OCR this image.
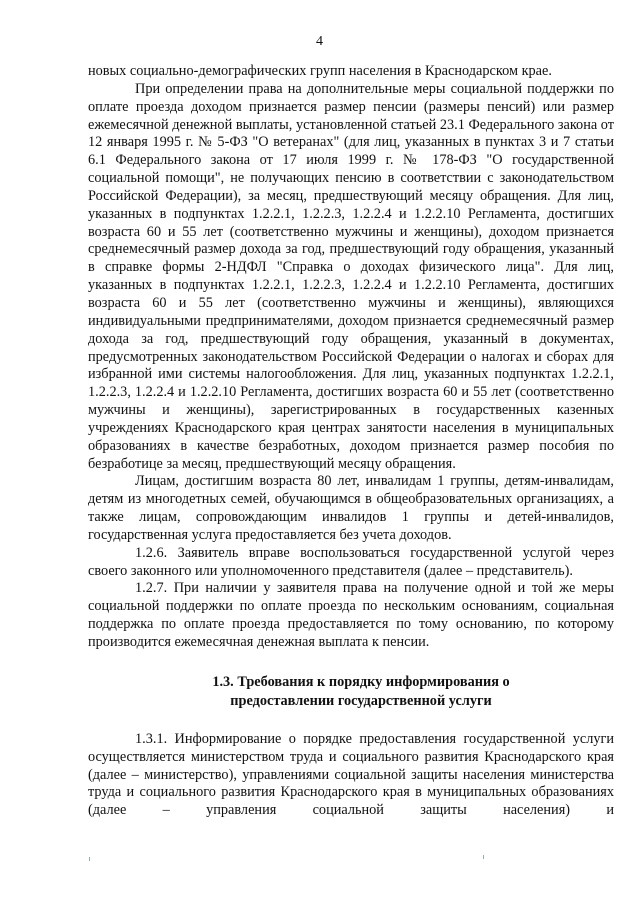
4

новых социально-демографических групп населения в Краснодарском крае.

При определении права на дополнительные меры социальной поддержки по оплате проезда доходом признается размер пенсии (размеры пенсий) или размер ежемесячной денежной выплаты, установленной статьей 23.1 Федерального закона от 12 января 1995 г. № 5-ФЗ "О ветеранах" (для лиц, указанных в пунктах 3 и 7 статьи 6.1 Федерального закона от 17 июля 1999 г. № 178-ФЗ "О государственной социальной помощи", не получающих пенсию в соответствии с законодательством Российской Федерации), за месяц, предшествующий месяцу обращения. Для лиц, указанных в подпунктах 1.2.2.1, 1.2.2.3, 1.2.2.4 и 1.2.2.10 Регламента, достигших возраста 60 и 55 лет (соответственно мужчины и женщины), доходом признается среднемесячный размер дохода за год, предшествующий году обращения, указанный в справке формы 2-НДФЛ "Справка о доходах физического лица". Для лиц, указанных в подпунктах 1.2.2.1, 1.2.2.3, 1.2.2.4 и 1.2.2.10 Регламента, достигших возраста 60 и 55 лет (соответственно мужчины и женщины), являющихся индивидуальными предпринимателями, доходом признается среднемесячный размер дохода за год, предшествующий году обращения, указанный в документах, предусмотренных законодательством Российской Федерации о налогах и сборах для избранной ими системы налогообложения. Для лиц, указанных подпунктах 1.2.2.1, 1.2.2.3, 1.2.2.4 и 1.2.2.10 Регламента, достигших возраста 60 и 55 лет (соответственно мужчины и женщины), зарегистрированных в государственных казенных учреждениях Краснодарского края центрах занятости населения в муниципальных образованиях в качестве безработных, доходом признается размер пособия по безработице за месяц, предшествующий месяцу обращения.

Лицам, достигшим возраста 80 лет, инвалидам 1 группы, детям-инвалидам, детям из многодетных семей, обучающимся в общеобразовательных организациях, а также лицам, сопровождающим инвалидов 1 группы и детей-инвалидов, государственная услуга предоставляется без учета доходов.

1.2.6. Заявитель вправе воспользоваться государственной услугой через своего законного или уполномоченного представителя (далее – представитель).

1.2.7. При наличии у заявителя права на получение одной и той же меры социальной поддержки по оплате проезда по нескольким основаниям, социальная поддержка по оплате проезда предоставляется по тому основанию, по которому производится ежемесячная денежная выплата к пенсии.

1.3. Требования к порядку информирования о
предоставлении государственной услуги

1.3.1. Информирование о порядке предоставления государственной услуги осуществляется министерством труда и социального развития Краснодарского края (далее – министерство), управлениями социальной защиты населения министерства труда и социального развития Краснодарского края в муниципальных образованиях (далее – управления социальной защиты населения) и
